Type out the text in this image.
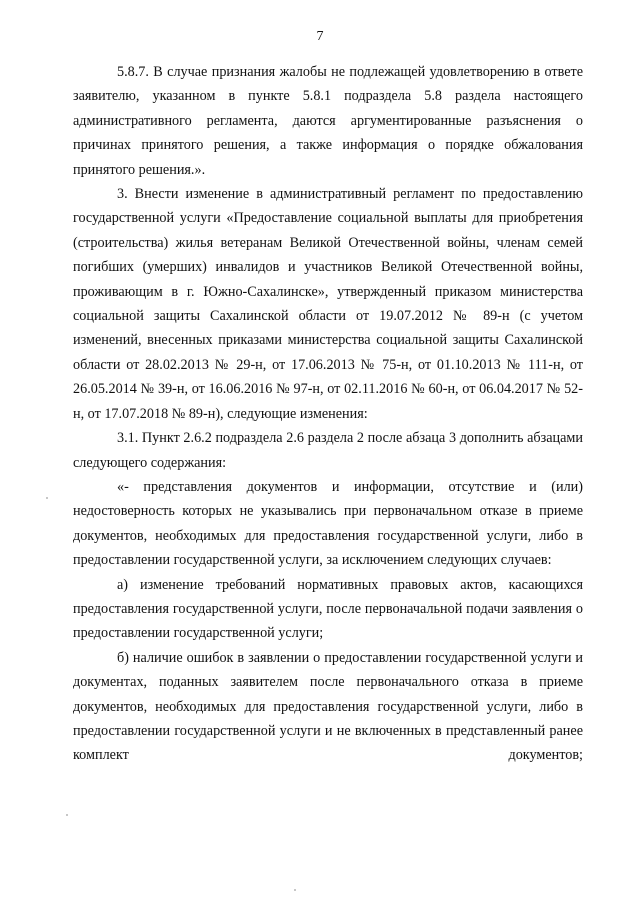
7

5.8.7. В случае признания жалобы не подлежащей удовлетворению в ответе заявителю, указанном в пункте 5.8.1 подраздела 5.8 раздела настоящего административного регламента, даются аргументированные разъяснения о причинах принятого решения, а также информация о порядке обжалования принятого решения.».

3. Внести изменение в административный регламент по предоставлению государственной услуги «Предоставление социальной выплаты для приобретения (строительства) жилья ветеранам Великой Отечественной войны, членам семей погибших (умерших) инвалидов и участников Великой Отечественной войны, проживающим в г. Южно-Сахалинске», утвержденный приказом министерства социальной защиты Сахалинской области от 19.07.2012 № 89-н (с учетом изменений, внесенных приказами министерства социальной защиты Сахалинской области от 28.02.2013 № 29-н, от 17.06.2013 № 75-н, от 01.10.2013 № 111-н, от 26.05.2014 № 39-н, от 16.06.2016 № 97-н, от 02.11.2016 № 60-н, от 06.04.2017 № 52-н, от 17.07.2018 № 89-н), следующие изменения:

3.1. Пункт 2.6.2 подраздела 2.6 раздела 2 после абзаца 3 дополнить абзацами следующего содержания:

«- представления документов и информации, отсутствие и (или) недостоверность которых не указывались при первоначальном отказе в приеме документов, необходимых для предоставления государственной услуги, либо в предоставлении государственной услуги, за исключением следующих случаев:

а) изменение требований нормативных правовых актов, касающихся предоставления государственной услуги, после первоначальной подачи заявления о предоставлении государственной услуги;

б) наличие ошибок в заявлении о предоставлении государственной услуги и документах, поданных заявителем после первоначального отказа в приеме документов, необходимых для предоставления государственной услуги, либо в предоставлении государственной услуги и не включенных в представленный ранее комплект документов;
